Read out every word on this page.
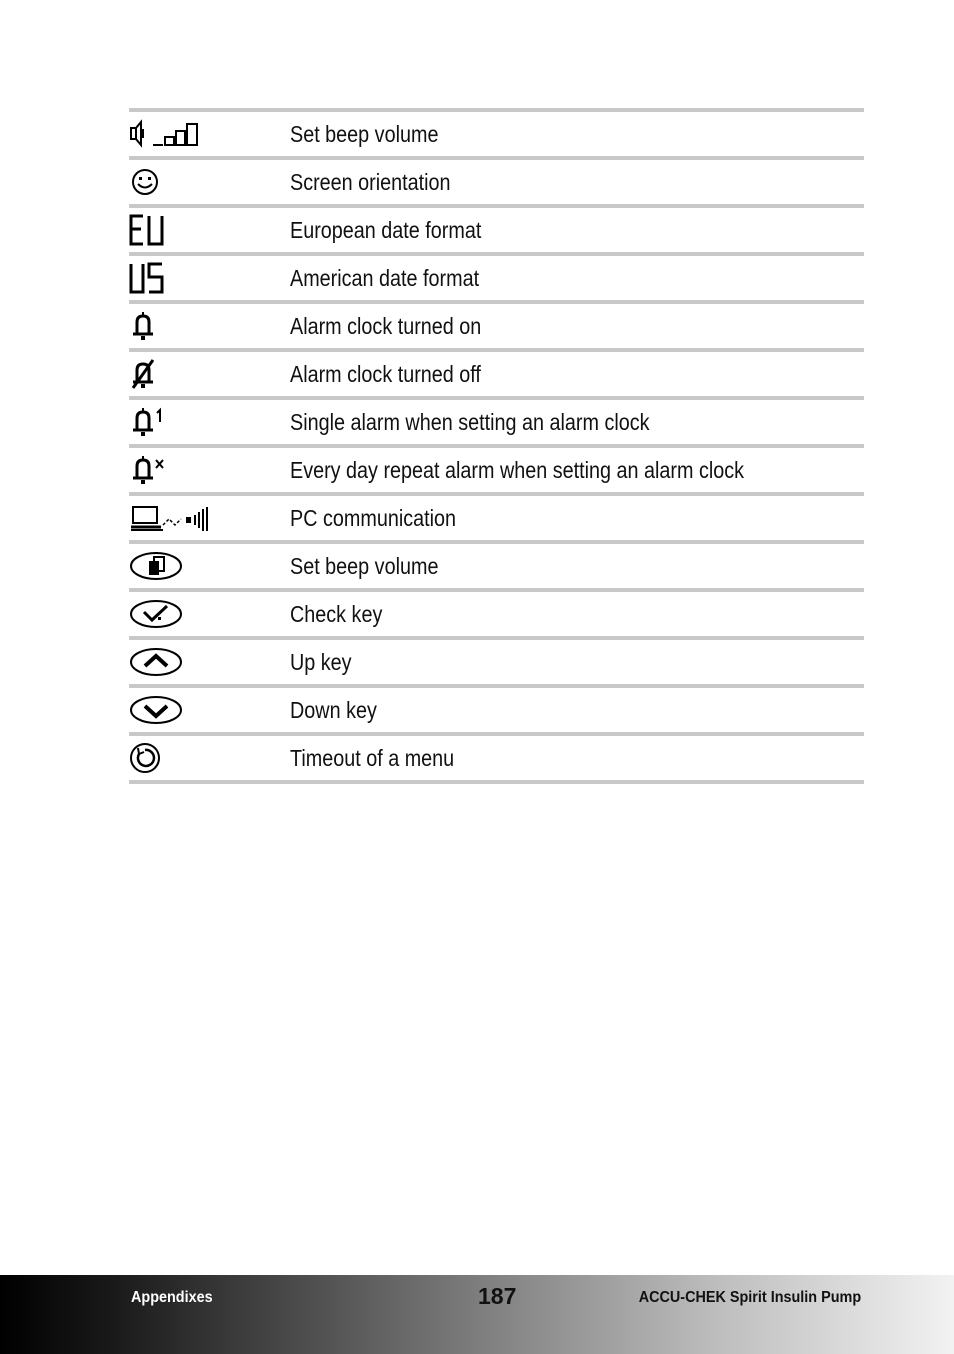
Set beep volume
Screen orientation
European date format
American date format
Alarm clock turned on
Alarm clock turned off
Single alarm when setting an alarm clock
Every day repeat alarm when setting an alarm clock
PC communication
Set beep volume
Check key
Up key
Down key
Timeout of a menu
Appendixes	187	ACCU-CHEK Spirit Insulin Pump
